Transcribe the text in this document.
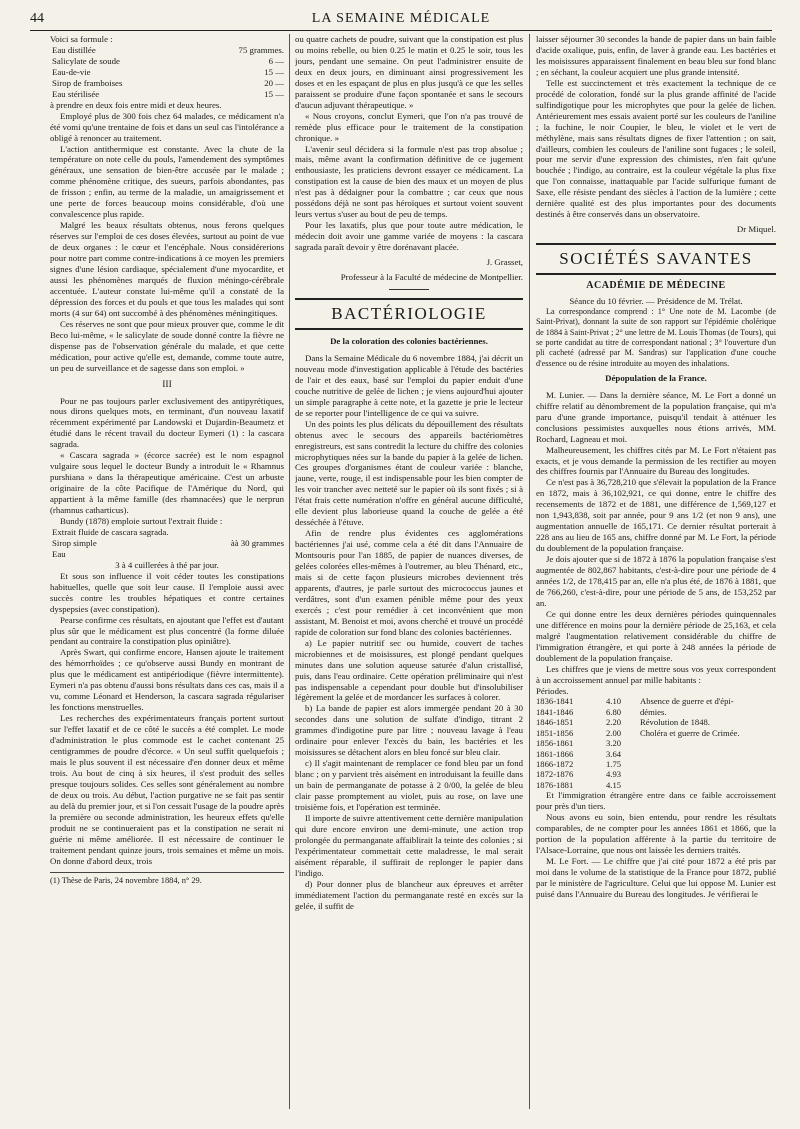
44	LA SEMAINE MÉDICALE

Voici sa formule :

Eau distillée	75 grammes.
Salicylate de soude	6 —
Eau-de-vie	15 —
Sirop de framboises	20 —
Eau stérilisée	15 —

à prendre en deux fois entre midi et deux heures.

Employé plus de 300 fois chez 64 malades, ce médicament n'a été vomi qu'une trentaine de fois et dans un seul cas l'intolérance a obligé à renoncer au traitement.

L'action antithermique est constante. Avec la chute de la température on note celle du pouls, l'amendement des symptômes généraux, une sensation de bien-être accusée par le malade ; comme phénomène critique, des sueurs, parfois abondantes, pas de frisson ; enfin, au terme de la maladie, un amaigrissement et une perte de forces beaucoup moins considérable, d'où une convalescence plus rapide.

Malgré les beaux résultats obtenus, nous ferons quelques réserves sur l'emploi de ces doses élevées, surtout au point de vue de deux organes : le cœur et l'encéphale. Nous considérerions pour notre part comme contre-indications à ce moyen les premiers signes d'une lésion cardiaque, spécialement d'une myocardite, et aussi les phénomènes marqués de fluxion méningo-cérébrale accentuée. L'auteur constate lui-même qu'il a constaté de la dépression des forces et du pouls et que tous les malades qui sont morts (4 sur 64) ont succombé à des phénomènes méningitiques.

Ces réserves ne sont que pour mieux prouver que, comme le dit Beco lui-même, « le salicylate de soude donné contre la fièvre ne dispense pas de l'observation générale du malade, et que cette médication, pour active qu'elle est, demande, comme toute autre, un peu de surveillance et de sagesse dans son emploi. »

III

Pour ne pas toujours parler exclusivement des antipyrétiques, nous dirons quelques mots, en terminant, d'un nouveau laxatif récemment expérimenté par Landowski et Dujardin-Beaumetz et étudié dans le récent travail du docteur Eymeri (1) : la cascara sagrada.

« Cascara sagrada » (écorce sacrée) est le nom espagnol vulgaire sous lequel le docteur Bundy a introduit le « Rhamnus purshiana » dans la thérapeutique américaine. C'est un arbuste originaire de la côte Pacifique de l'Amérique du Nord, qui appartient à la même famille (des rhamnacées) que le nerprun (rhamnus catharticus).

Bundy (1878) emploie surtout l'extrait fluide :

Extrait fluide de cascara sagrada.
Sirop simple	àà 30 grammes
Eau

3 à 4 cuillerées à thé par jour.

Et sous son influence il voit céder toutes les constipations habituelles, quelle que soit leur cause. Il l'emploie aussi avec succès contre les troubles hépatiques et contre certaines dyspepsies (avec constipation).

Pearse confirme ces résultats, en ajoutant que l'effet est d'autant plus sûr que le médicament est plus concentré (la forme diluée pendant au contraire la constipation plus opiniâtre).

Après Swart, qui confirme encore, Hansen ajoute le traitement des hémorrhoïdes ; ce qu'observe aussi Bundy en montrant de plus que le médicament est antipériodique (fièvre intermittente). Eymeri n'a pas obtenu d'aussi bons résultats dans ces cas, mais il a vu, comme Léonard et Henderson, la cascara sagrada régulariser les fonctions menstruelles.

Les recherches des expérimentateurs français portent surtout sur l'effet laxatif et de ce côté le succès a été complet. Le mode d'administration le plus commode est le cachet contenant 25 centigrammes de poudre d'écorce. « Un seul suffit quelquefois ; mais le plus souvent il est nécessaire d'en donner deux et même trois. Au bout de cinq à six heures, il s'est produit des selles presque toujours solides. Ces selles sont généralement au nombre de deux ou trois. Au début, l'action purgative ne se fait pas sentir au delà du premier jour, et si l'on cessait l'usage de la poudre après la première ou seconde administration, les heureux effets qu'elle produit ne se continueraient pas et la constipation ne serait ni guérie ni même améliorée. Il est nécessaire de continuer le traitement pendant quinze jours, trois semaines et même un mois. On donne d'abord deux, trois

(1) Thèse de Paris, 24 novembre 1884, n° 29.

ou quatre cachets de poudre, suivant que la constipation est plus ou moins rebelle, ou bien 0.25 le matin et 0.25 le soir, tous les jours, pendant une semaine. On peut l'administrer ensuite de deux en deux jours, en diminuant ainsi progressivement les doses et en les espaçant de plus en plus jusqu'à ce que les selles paraissent se produire d'une façon spontanée et sans le secours d'aucun adjuvant thérapeutique. »

« Nous croyons, conclut Eymeri, que l'on n'a pas trouvé de remède plus efficace pour le traitement de la constipation chronique. »

L'avenir seul décidera si la formule n'est pas trop absolue ; mais, même avant la confirmation définitive de ce jugement enthousiaste, les praticiens devront essayer ce médicament. La constipation est la cause de bien des maux et un moyen de plus n'est pas à dédaigner pour la combattre ; car ceux que nous possédons déjà ne sont pas héroïques et surtout voient souvent leurs vertus s'user au bout de peu de temps.

Pour les laxatifs, plus que pour toute autre médication, le médecin doit avoir une gamme variée de moyens : la cascara sagrada paraît devoir y être dorénavant placée.

J. Grasset,

Professeur à la Faculté de médecine de Montpellier.

BACTÉRIOLOGIE
De la coloration des colonies bactériennes.

Dans la Semaine Médicale du 6 novembre 1884, j'ai décrit un nouveau mode d'investigation applicable à l'étude des bactéries de l'air et des eaux, basé sur l'emploi du papier enduit d'une couche nutritive de gelée de lichen ; je viens aujourd'hui ajouter un simple paragraphe à cette note, et la gazette je prie le lecteur de se reporter pour l'intelligence de ce qui va suivre.

Un des points les plus délicats du dépouillement des résultats obtenus avec le secours des appareils bactériomètres enregistreurs, est sans contredit la lecture du chiffre des colonies microphytiques nées sur la bande du papier à la gelée de lichen. Ces groupes d'organismes étant de couleur variée : blanche, jaune, verte, rouge, il est indispensable pour les bien compter de les voir trancher avec netteté sur le papier où ils sont fixés ; si à l'état frais cette numération n'offre en général aucune difficulté, elle devient plus laborieuse quand la couche de gelée a été desséchée à l'étuve.

Afin de rendre plus évidentes ces agglomérations bactériennes j'ai usé, comme cela a été dit dans l'Annuaire de Montsouris pour l'an 1885, de papier de nuances diverses, de gelées colorées elles-mêmes à l'outremer, au bleu Thénard, etc., mais si de cette façon plusieurs microbes deviennent très apparents, d'autres, je parle surtout des micrococcus jaunes et verdâtres, sont d'un examen pénible même pour des yeux exercés ; c'est pour remédier à cet inconvénient que mon assistant, M. Benoist et moi, avons cherché et trouvé un procédé rapide de coloration sur fond blanc des colonies bactériennes.

a) Le papier nutritif sec ou humide, couvert de taches microbiennes et de moisissures, est plongé pendant quelques minutes dans une solution aqueuse saturée d'alun cristallisé, puis, dans l'eau ordinaire. Cette opération préliminaire qui n'est pas indispensable a cependant pour double but d'insolubiliser légèrement la gelée et de mordancer les surfaces à colorer.

b) La bande de papier est alors immergée pendant 20 à 30 secondes dans une solution de sulfate d'indigo, titrant 2 grammes d'indigotine pure par litre ; nouveau lavage à l'eau ordinaire pour enlever l'excès du bain, les bactéries et les moisissures se détachent alors en bleu foncé sur bleu clair.

c) Il s'agit maintenant de remplacer ce fond bleu par un fond blanc ; on y parvient très aisément en introduisant la feuille dans un bain de permanganate de potasse à 2 0/00, la gelée de bleu clair passe promptement au violet, puis au rose, on lave une troisième fois, et l'opération est terminée.

Il importe de suivre attentivement cette dernière manipulation qui dure encore environ une demi-minute, une action trop prolongée du permanganate affaiblirait la teinte des colonies ; si l'expérimentateur commettait cette maladresse, le mal serait aisément réparable, il suffirait de replonger le papier dans l'indigo.

d) Pour donner plus de blancheur aux épreuves et arrêter immédiatement l'action du permanganate resté en excès sur la gelée, il suffit de

laisser séjourner 30 secondes la bande de papier dans un bain faible d'acide oxalique, puis, enfin, de laver à grande eau. Les bactéries et les moisissures apparaissent finalement en beau bleu sur fond blanc ; en séchant, la couleur acquiert une plus grande intensité.

Telle est succinctement et très exactement la technique de ce procédé de coloration, fondé sur la plus grande affinité de l'acide sulfindigotique pour les microphytes que pour la gelée de lichen. Antérieurement mes essais avaient porté sur les couleurs de l'aniline ; la fuchine, le noir Coupier, le bleu, le violet et le vert de méthylène, mais sans résultats dignes de fixer l'attention ; on sait, d'ailleurs, combien les couleurs de l'aniline sont fugaces ; le soleil, pour me servir d'une expression des chimistes, n'en fait qu'une bouchée ; l'indigo, au contraire, est la couleur végétale la plus fixe que l'on connaisse, inattaquable par l'acide sulfurique fumant de Saxe, elle résiste pendant des siècles à l'action de la lumière ; cette dernière qualité est des plus importantes pour des documents destinés à être conservés dans un observatoire.

Dr Miquel.

SOCIÉTÉS SAVANTES
ACADÉMIE DE MÉDECINE

Séance du 10 février. — Présidence de M. Trélat.

La correspondance comprend : 1° Une note de M. Lacombe (de Saint-Privat), donnant la suite de son rapport sur l'épidémie cholérique de 1884 à Saint-Privat ; 2° une lettre de M. Louis Thomas (de Tours), qui se porte candidat au titre de correspondant national ; 3° l'ouverture d'un pli cacheté (adressé par M. Sandras) sur l'application d'une couche d'essence ou de résine introduite au moyen des inhalations.

Dépopulation de la France.

M. Lunier. — Dans la dernière séance, M. Le Fort a donné un chiffre relatif au dénombrement de la population française, qui m'a paru d'une grande importance, puisqu'il tendait à atténuer les conclusions pessimistes auxquelles nous étions arrivés, MM. Rochard, Lagneau et moi.

Malheureusement, les chiffres cités par M. Le Fort n'étaient pas exacts, et je vous demande la permission de les rectifier au moyen des chiffres fournis par l'Annuaire du Bureau des longitudes.

Ce n'est pas à 36,728,210 que s'élevait la population de la France en 1872, mais à 36,102,921, ce qui donne, entre le chiffre des recensements de 1872 et de 1881, une différence de 1,569,127 et non 1,943,838, soit par année, pour 9 ans 1/2 (et non 9 ans), une augmentation annuelle de 165,171. Ce dernier résultat porterait à 228 ans au lieu de 165 ans, chiffre donné par M. Le Fort, la période du doublement de la population française.

Je dois ajouter que si de 1872 à 1876 la population française s'est augmentée de 802,867 habitants, c'est-à-dire pour une période de 4 années 1/2, de 178,415 par an, elle n'a plus été, de 1876 à 1881, que de 766,260, c'est-à-dire, pour une période de 5 ans, de 153,252 par an.

Ce qui donne entre les deux dernières périodes quinquennales une différence en moins pour la dernière période de 25,163, et cela malgré l'augmentation relativement considérable du chiffre de l'immigration étrangère, et qui porte à 248 années la période de doublement de la population française.

Les chiffres que je viens de mettre sous vos yeux correspondent à un accroissement annuel par mille habitants :

Périodes.

1836-1841	4.10	Absence de guerre et d'épi-
1841-1846	6.80	démies.
1846-1851	2.20	Révolution de 1848.
1851-1856	2.00	Choléra et guerre de Crimée.
1856-1861	3.20
1861-1866	3.64
1866-1872	1.75
1872-1876	4.93
1876-1881	4.15

Et l'immigration étrangère entre dans ce faible accroissement pour près d'un tiers.

Nous avons eu soin, bien entendu, pour rendre les résultats comparables, de ne compter pour les années 1861 et 1866, que la portion de la population afférente à la partie du territoire de l'Alsace-Lorraine, que nous ont laissée les derniers traités.

M. Le Fort. — Le chiffre que j'ai cité pour 1872 a été pris par moi dans le volume de la statistique de la France pour 1872, publié par le ministère de l'agriculture. Celui que lui oppose M. Lunier est puisé dans l'Annuaire du Bureau des longitudes. Je vérifierai le
